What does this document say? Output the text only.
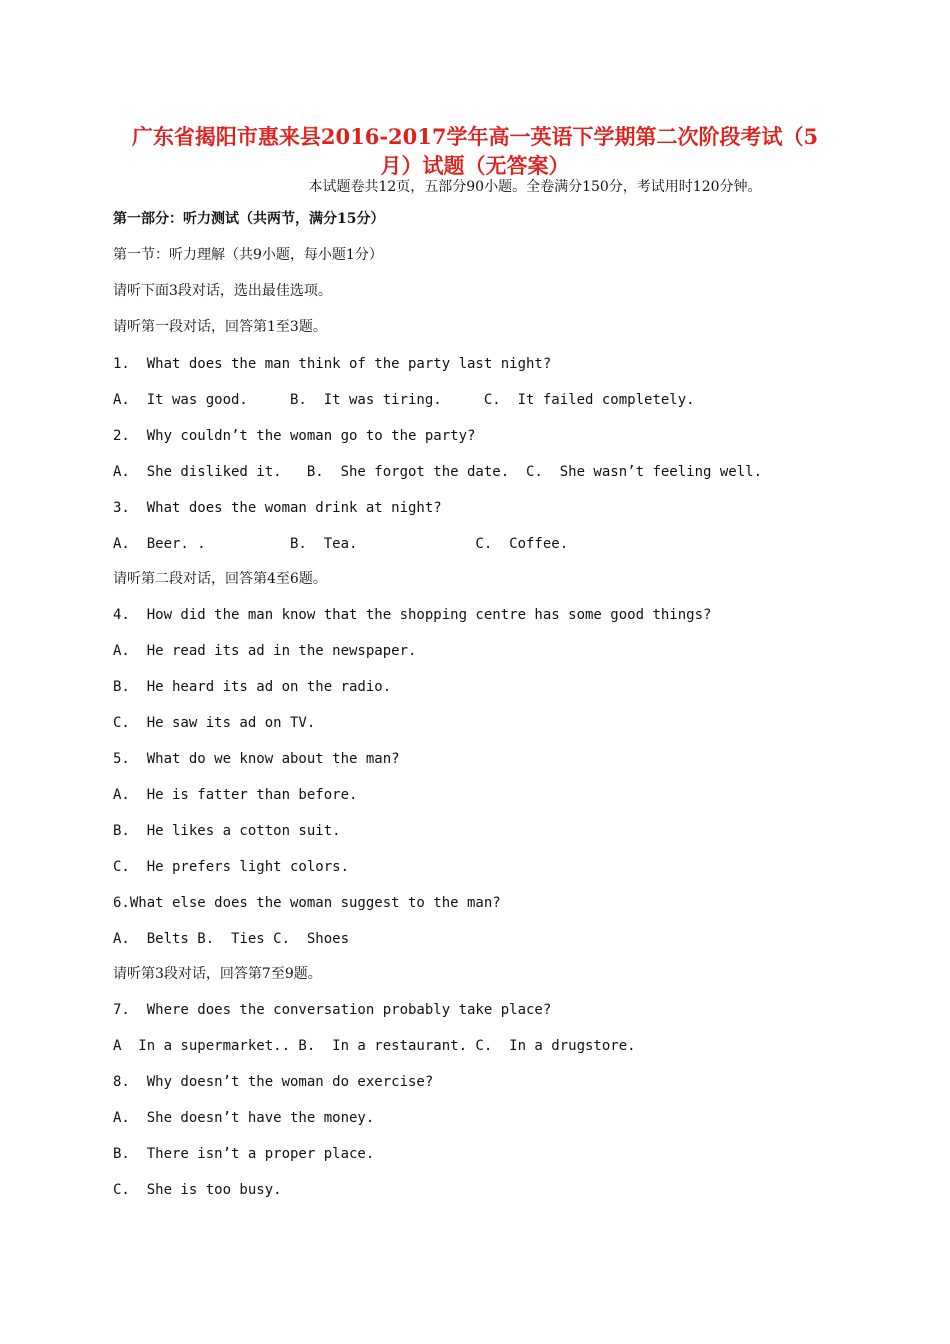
广东省揭阳市惠来县2016-2017学年高一英语下学期第二次阶段考试（5
月）试题（无答案）
本试题卷共12页，五部分90小题。全卷满分150分，考试用时120分钟。
第一部分：听力测试（共两节，满分15分）
第一节：听力理解（共9小题，每小题1分）
请听下面3段对话，选出最佳选项。
请听第一段对话，回答第1至3题。
1.  What does the man think of the party last night?
A.  It was good.     B.  It was tiring.     C.  It failed completely.
2.  Why couldn’t the woman go to the party?
A.  She disliked it.   B.  She forgot the date.  C.  She wasn’t feeling well.
3.  What does the woman drink at night?
A.  Beer. .          B.  Tea.              C.  Coffee.
请听第二段对话，回答第4至6题。
4.  How did the man know that the shopping centre has some good things?
A.  He read its ad in the newspaper.
B.  He heard its ad on the radio.
C.  He saw its ad on TV.
5.  What do we know about the man?
A.  He is fatter than before.
B.  He likes a cotton suit.
C.  He prefers light colors.
6.What else does the woman suggest to the man?
A.  Belts B.  Ties C.  Shoes
请听第3段对话，回答第7至9题。
7.  Where does the conversation probably take place?
A  In a supermarket.. B.  In a restaurant. C.  In a drugstore.
8.  Why doesn’t the woman do exercise?
A.  She doesn’t have the money.
B.  There isn’t a proper place.
C.  She is too busy.
